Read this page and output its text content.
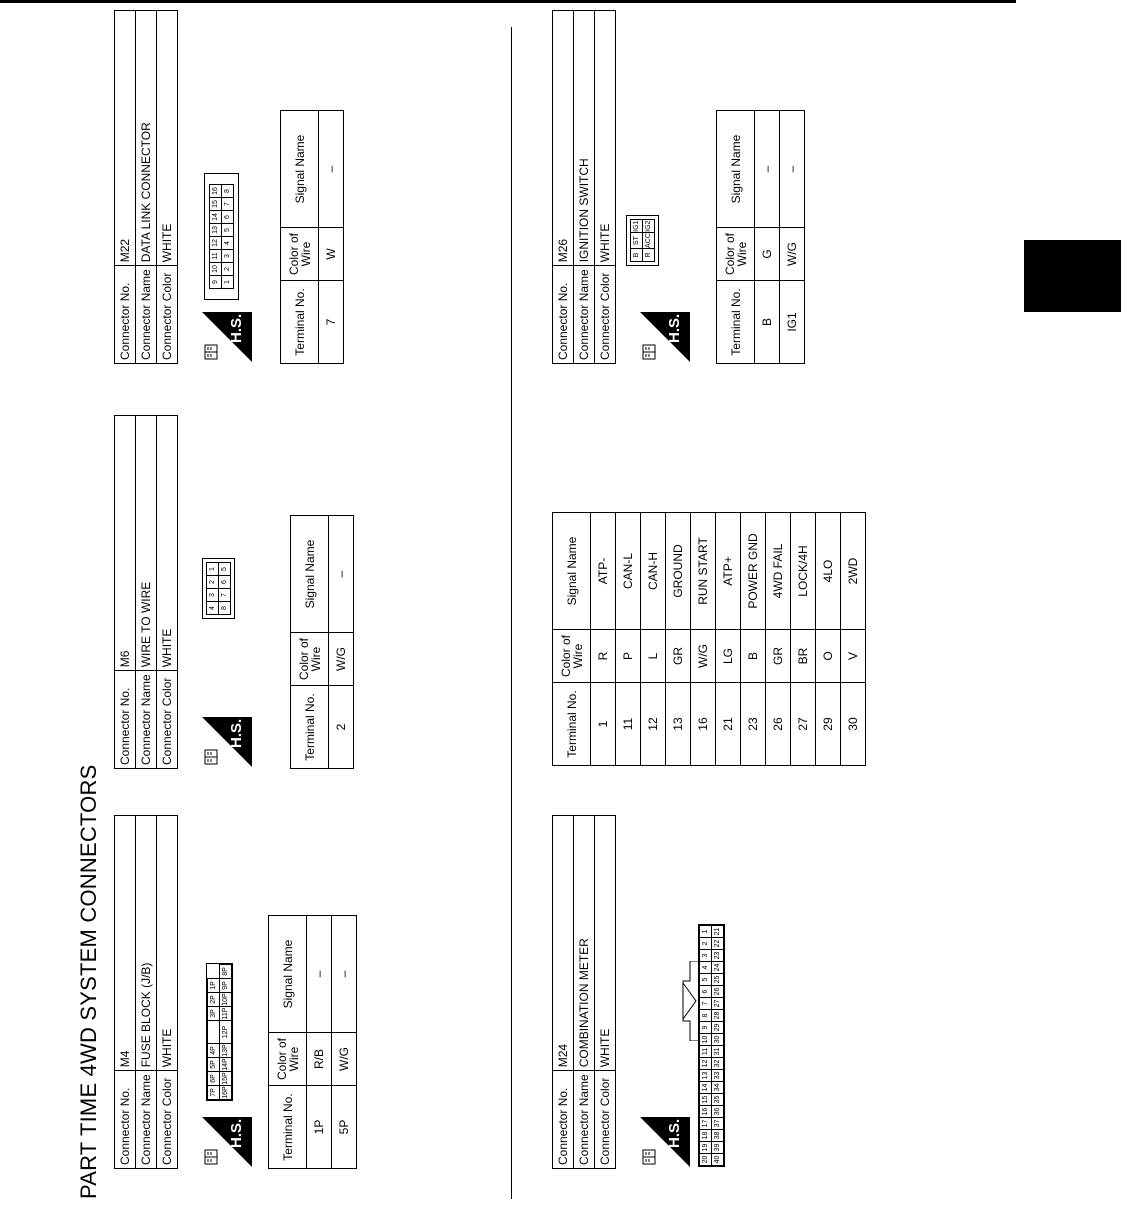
PART TIME 4WD SYSTEM CONNECTORS Connector No.	M4
Connector Name	FUSE BLOCK (J/B)
Connector Color	WHITE
H.S.
7P	6P	5P	4P		3P	2P	1P	
16P	15P	14P	13P	12P	11P	10P	9P	8P
Terminal No.	Color of Wire	Signal Name
1P	R/B	–
5P	W/G	–
Connector No.	M6
Connector Name	WIRE TO WIRE
Connector Color	WHITE
H.S.
4	3	2	1
8	7	6	5
Terminal No.	Color of Wire	Signal Name
2	W/G	–
Connector No.	M22
Connector Name	DATA LINK CONNECTOR
Connector Color	WHITE
H.S.
9	10	11	12	13	14	15	16
1	2	3	4	5	6	7	8
Terminal No.	Color of Wire	Signal Name
7	W	–
Connector No.	M24
Connector Name	COMBINATION METER
Connector Color	WHITE
H.S.
20	19	18	17	16	15	14	13	12	11	10	9	8	7	6	5	4	3	2	1
40	39	38	37	36	35	34	33	32	31	30	29	28	27	26	25	24	23	22	21
Terminal No.	Color of Wire	Signal Name
1	R	ATP-
11	P	CAN-L
12	L	CAN-H
13	GR	GROUND
16	W/G	RUN START
21	LG	ATP+
23	B	POWER GND
26	GR	4WD FAIL
27	BR	LOCK/4H
29	O	4LO
30	V	2WD
Connector No.	M26
Connector Name	IGNITION SWITCH
Connector Color	WHITE
H.S.
B	ST	IG1
R	ACC	IG2
Terminal No.	Color of Wire	Signal Name
B	G	–
IG1	W/G	–
